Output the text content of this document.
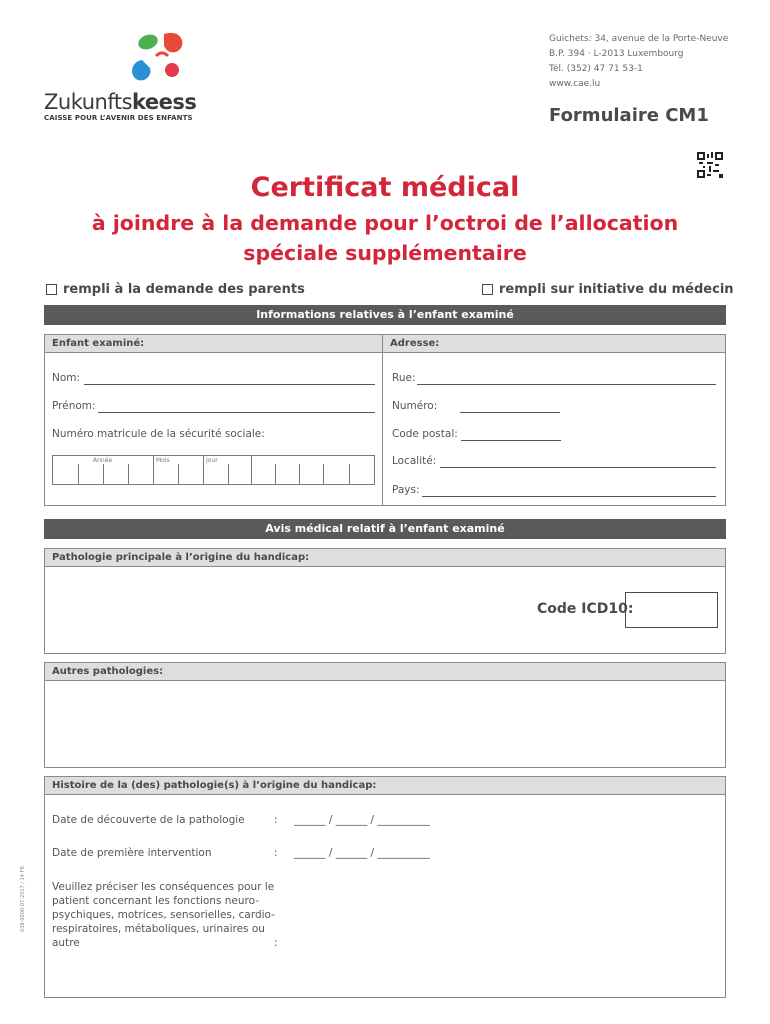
Zukunftskeess
CAISSE POUR L’AVENIR DES ENFANTS
Guichets: 34, avenue de la Porte-Neuve
B.P. 394 · L-2013 Luxembourg
Tél. (352) 47 71 53-1
www.cae.lu
Formulaire CM1
Certificat médical
à joindre à la demande pour l’octroi de l’allocation
spéciale supplémentaire
rempli à la demande des parents	rempli sur initiative du médecin
Informations relatives à l’enfant examiné
Enfant examiné:	Adresse:
Nom:
Prénom:
Numéro matricule de la sécurité sociale:
Année	Mois	Jour
Rue:
Numéro:
Code postal:
Localité:
Pays:
Avis médical relatif à l’enfant examiné
Pathologie principale à l’origine du handicap:
Code ICD10:
Autres pathologies:
Histoire de la (des) pathologie(s) à l’origine du handicap:
Date de découverte de la pathologie	: ______ / ______ / __________
Date de première intervention	: ______ / ______ / __________
Veuillez préciser les conséquences pour le patient concernant les fonctions neuro-psychiques, motrices, sensorielles, cardio-respiratoires, métaboliques, urinaires ou autre	:
038-0000-07-2017 / 14 FR
